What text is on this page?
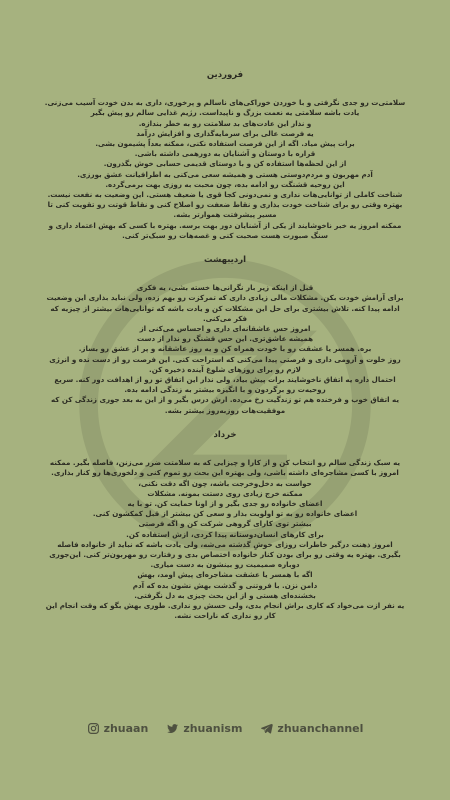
فروردین

سلامتی‌ت رو جدی نگرفتی و با خوردن خوراکی‌های ناسالم و پرخوری، داری به بدن خودت آسیب می‌زنی.

یادت باشه سلامتی یه نعمت بزرگ و ناپیداست. رژیم غذایی سالم رو پیش بگیر

و نذار این عادت‌های بد سلامتت رو به خطر بندازه.

یه فرصت عالی برای سرمایه‌گذاری و افزایش درآمد

برات پیش میاد. اگه از این فرصت استفاده نکنی، ممکنه بعداً پشیمون بشی.

قراره با دوستان و آشنایان به دورهمی داشته باشی.

از این لحظه‌ها استفاده کن و با دوستای قدیمی حسابی خوش بگذرون.

آدم مهربون و مردم‌دوستی هستی و همیشه سعی می‌کنی به اطرافیانت عشق بورزی.

این روحیه قشنگت رو ادامه بده، چون محبت به روزی بهت برمی‌گرده.

شناخت کاملی از توانایی‌هات نداری و نمی‌دونی کجا قوی یا ضعیف هستی. این وضعیت به نفعت نیست.

بهتره وقتی رو برای شناخت خودت بذاری و نقاط ضعفت رو اصلاح کنی و نقاط قوتت رو تقویت کنی تا

مسیر پیشرفتت هموارتر بشه.

ممکنه امروز یه خبر ناخوشایند از یکی از آشنایان دور بهت برسه. بهتره با کسی که بهش اعتماد داری و

سنگ صبورت هست صحبت کنی و غصه‌هات رو سبک‌تر کنی.

اردیبهشت

قبل از اینکه زیر بار نگرانی‌ها خسته بشی، یه فکری

برای آرامش خودت بکن. مشکلات مالی زیادی داری که تمرکزت رو بهم زده، ولی نباید بذاری این وضعیت

ادامه پیدا کنه. تلاش بیشتری برای حل این مشکلات کن و یادت باشه که توانایی‌هات بیشتر از چیزیه که

فکر می‌کنی.

امروز حس عاشقانه‌ای داری و احساس می‌کنی از

همیشه عاشق‌تری. این حس قشنگ رو نذار از دست

بره. همسر یا عشقت رو با خودت همراه کن و یه روز عاشقانه و پر از عشق رو بساز.

روز خلوت و آرومی داری و فرصتی پیدا می‌کنی که استراحت کنی. این فرصت رو از دست نده و انرژی

لازم رو برای روزهای شلوغ آینده ذخیره کن.

احتمال داره یه اتفاق ناخوشایند برات پیش بیاد، ولی نذار این اتفاق تو رو از اهدافت دور کنه. سریع

روحیه‌ت رو برگردون و با انگیزه بیشتر به زندگی ادامه بده.

یه اتفاق خوب و فرخنده هم تو زندگیت رخ می‌ده. ارش درس بگیر و از این به بعد جوری زندگی کن که

موفقیت‌هات روزبه‌روز بیشتر بشه.

خرداد

یه سبک زندگی سالم رو انتخاب کن و از کارا و چیزایی که به سلامتت ضرر می‌زنن، فاصله بگیر. ممکنه

امروز با کسی مشاجره‌ای داشته باشی، ولی بهتره این بحث رو تموم کنی و دلخوری‌ها رو کنار بذاری.

حواست به دخل‌وخرجت باشه، چون اگه دقت نکنی،

ممکنه خرج زیادی روی دستت بمونه. مشکلات

اعضای خانواده رو جدی بگیر و از اونا حمایت کن. تو با یه

اعضای خانواده رو به تو اولویت بذار و سعی کن بیشتر از قبل کمکشون کنی.

بیشتر توی کارای گروهی شرکت کن و اگه فرصتی

برای کارهای انسان‌دوستانه پیدا کردی، ازش استفاده کن.

امروز ذهنت درگیر خاطرات روزای خوشِ گذشته می‌شه، ولی یادت باشه که نباید از خانواده فاصله

بگیری. بهتره یه وقتی رو برای بودن کنار خانواده اختصاص بدی و رفتارت رو مهربون‌تر کنی. این‌جوری

دوباره صمیمیت رو بینشون به دست میاری.

اگه با همسر یا عشقت مشاجره‌ای پیش اومد، بهش

دامن نزن. با فروتنی و گذشت بهش نشون بده که آدم

بخشنده‌ای هستی و از این بحث چیزی به دل نگرفتی.

یه نفر ازت می‌خواد که کاری براش انجام بدی، ولی حسش رو نداری. طوری بهش بگو که وقت انجام این

کار رو نداری که ناراحت نشه.

zhuaan	zhuanism	zhuanchannel
